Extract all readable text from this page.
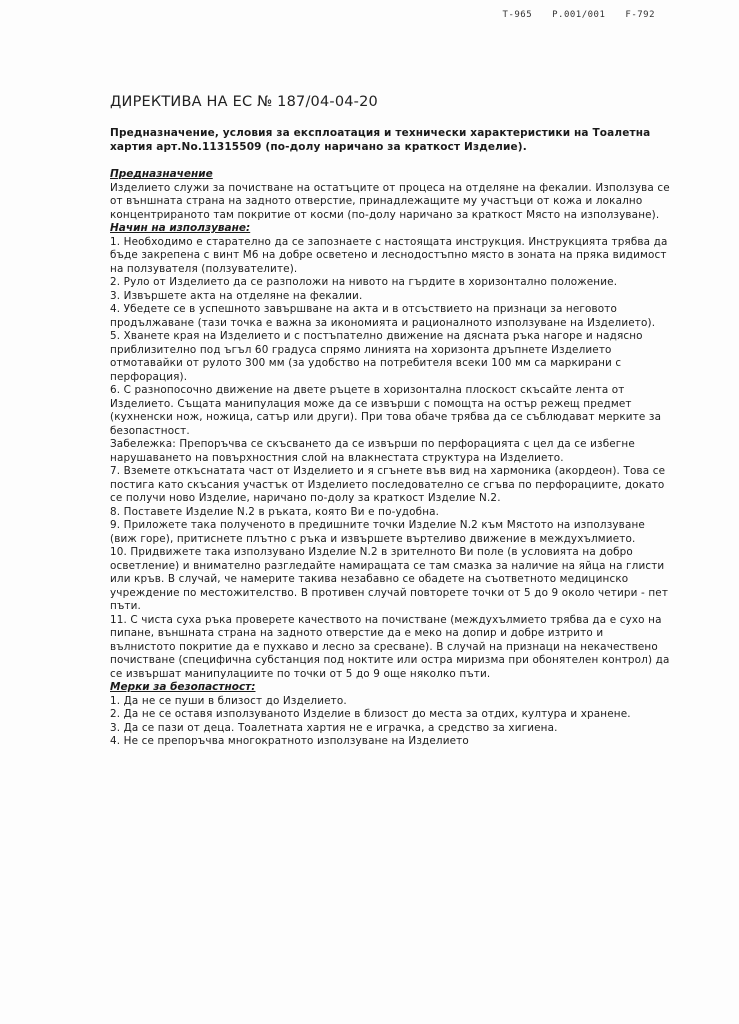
T-965 P.001/001 F-792
ДИРЕКТИВА НА ЕС № 187/04-04-20

Предназначение, условия за експлоатация и технически характеристики на Тоалетна хартия арт.No.11315509 (по-долу наричано за краткост Изделие).

Предназначение
Изделието служи за почистване на остатъците от процеса на отделяне на фекалии. Използува се от външната страна на задното отверстие, принадлежащите му участъци от кожа и локално концентрираното там покритие от косми (по-долу наричано за краткост Място на използуване).
Начин на използуване:
1. Необходимо е старателно да се запознаете с настоящата инструкция. Инструкцията трябва да бъде закрепена с винт М6 на добре осветено и леснодостъпно място в зоната на пряка видимост на ползувателя (ползувателите).
2. Руло от Изделието да се разположи на нивото на гърдите в хоризонтално положение.
3. Извършете акта на отделяне на фекалии.
4. Убедете се в успешното завършване на акта и в отсъствието на признаци за неговото продължаване (тази точка е важна за икономията и рационалното използуване на Изделието).
5. Хванете края на Изделието и с постъпателно движение на дясната ръка нагоре и надясно приблизително под ъгъл 60 градуса спрямо линията на хоризонта дръпнете Изделието отмотавайки от рулото 300 мм (за удобство на потребителя всеки 100 мм са маркирани с перфорация).
6. С разнопосочно движение на двете ръцете в хоризонтална плоскост скъсайте лента от Изделието. Същата манипулация може да се извърши с помощта на остър режещ предмет (кухненски нож, ножица, сатър или други). При това обаче трябва да се съблюдават мерките за безопастност.
Забележка: Препоръчва се скъсването да се извърши по перфорацията с цел да се избегне нарушаването на повърхностния слой на влакнестата структура на Изделието.
7. Вземете откъснатата част от Изделието и я сгънете във вид на хармоника (акордеон). Това се постига като скъсания участък от Изделието последователно се сгъва по перфорациите, докато се получи ново Изделие, наричано по-долу за краткост Изделие N.2.
8. Поставете Изделие N.2 в ръката, която Ви е по-удобна.
9. Приложете така полученото в предишните точки Изделие N.2 към Мястото на използуване (виж горе), притиснете плътно с ръка и извършете въртеливо движение в междухълмието.
10. Придвижете така използувано Изделие N.2 в зрителното Ви поле (в условията на добро осветление) и внимателно разгледайте намиращата се там смазка за наличие на яйца на глисти или кръв. В случай, че намерите такива незабавно се обадете на съответното медицинско учреждение по местожителство. В противен случай повторете точки от 5 до 9 около четири - пет пъти.
11. С чиста суха ръка проверете качеството на почистване (междухълмието трябва да е сухо на пипане, външната страна на задното отверстие да е меко на допир и добре изтрито и вълнистото покритие да е пухкаво и лесно за сресване). В случай на признаци на некачествено почистване (специфична субстанция под ноктите или остра миризма при обонятелен контрол) да се извършат манипулациите по точки от 5 до 9 още няколко пъти.
Мерки за безопастност:
1. Да не се пуши в близост до Изделието.
2. Да не се оставя използуваното Изделие в близост до места за отдих, култура и хранене.
3. Да се пази от деца. Тоалетната хартия не е играчка, а средство за хигиена.
4. Не се препоръчва многократното използуване на Изделието
